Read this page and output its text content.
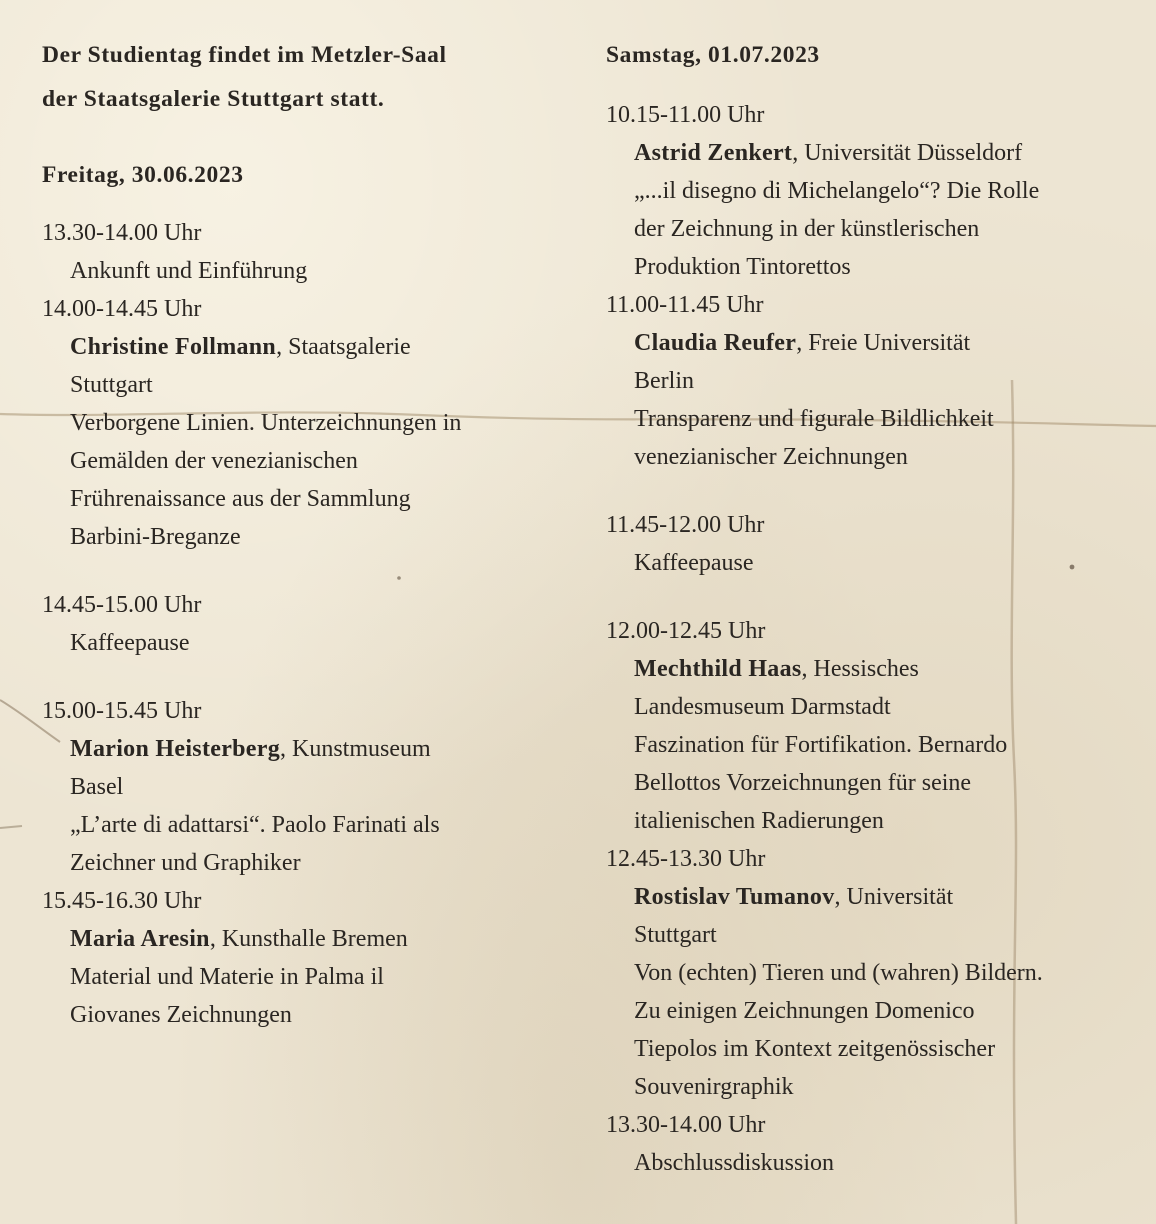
Der Studientag findet im Metzler-Saal
der Staatsgalerie Stuttgart statt.
Freitag, 30.06.2023
13.30-14.00 Uhr
Ankunft und Einführung
14.00-14.45 Uhr
Christine Follmann, Staatsgalerie
Stuttgart
Verborgene Linien. Unterzeichnungen in
Gemälden der venezianischen
Frührenaissance aus der Sammlung
Barbini-Breganze
14.45-15.00 Uhr
Kaffeepause
15.00-15.45 Uhr
Marion Heisterberg, Kunstmuseum
Basel
„L’arte di adattarsi“. Paolo Farinati als
Zeichner und Graphiker
15.45-16.30 Uhr
Maria Aresin, Kunsthalle Bremen
Material und Materie in Palma il
Giovanes Zeichnungen
Samstag, 01.07.2023
10.15-11.00 Uhr
Astrid Zenkert, Universität Düsseldorf
„...il disegno di Michelangelo“? Die Rolle
der Zeichnung in der künstlerischen
Produktion Tintorettos
11.00-11.45 Uhr
Claudia Reufer, Freie Universität
Berlin
Transparenz und figurale Bildlichkeit
venezianischer Zeichnungen
11.45-12.00 Uhr
Kaffeepause
12.00-12.45 Uhr
Mechthild Haas, Hessisches
Landesmuseum Darmstadt
Faszination für Fortifikation. Bernardo
Bellottos Vorzeichnungen für seine
italienischen Radierungen
12.45-13.30 Uhr
Rostislav Tumanov, Universität
Stuttgart
Von (echten) Tieren und (wahren) Bildern.
Zu einigen Zeichnungen Domenico
Tiepolos im Kontext zeitgenössischer
Souvenirgraphik
13.30-14.00 Uhr
Abschlussdiskussion
